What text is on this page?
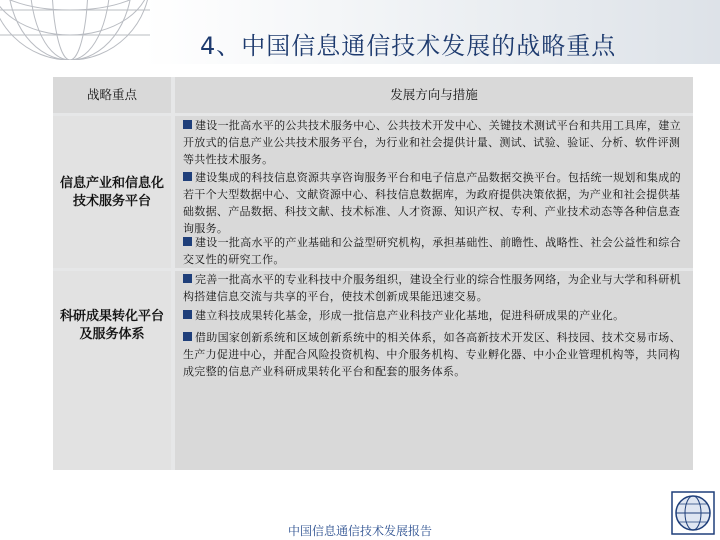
4、中国信息通信技术发展的战略重点
战略重点	发展方向与措施
信息产业和信息化
技术服务平台
建设一批高水平的公共技术服务中心、公共技术开发中心、关键技术测试平台和共用工具库，建立开放式的信息产业公共技术服务平台，为行业和社会提供计量、测试、试验、验证、分析、软件评测等共性技术服务。
建设集成的科技信息资源共享咨询服务平台和电子信息产品数据交换平台。包括统一规划和集成的若干个大型数据中心、文献资源中心、科技信息数据库，为政府提供决策依据，为产业和社会提供基础数据、产品数据、科技文献、技术标准、人才资源、知识产权、专利、产业技术动态等各种信息查询服务。
建设一批高水平的产业基础和公益型研究机构，承担基础性、前瞻性、战略性、社会公益性和综合交叉性的研究工作。
科研成果转化平台
及服务体系
完善一批高水平的专业科技中介服务组织，建设全行业的综合性服务网络，为企业与大学和科研机构搭建信息交流与共享的平台，使技术创新成果能迅速交易。
建立科技成果转化基金，形成一批信息产业科技产业化基地，促进科研成果的产业化。
借助国家创新系统和区域创新系统中的相关体系，如各高新技术开发区、科技园、技术交易市场、生产力促进中心，并配合风险投资机构、中介服务机构、专业孵化器、中小企业管理机构等，共同构成完整的信息产业科研成果转化平台和配套的服务体系。
中国信息通信技术发展报告
